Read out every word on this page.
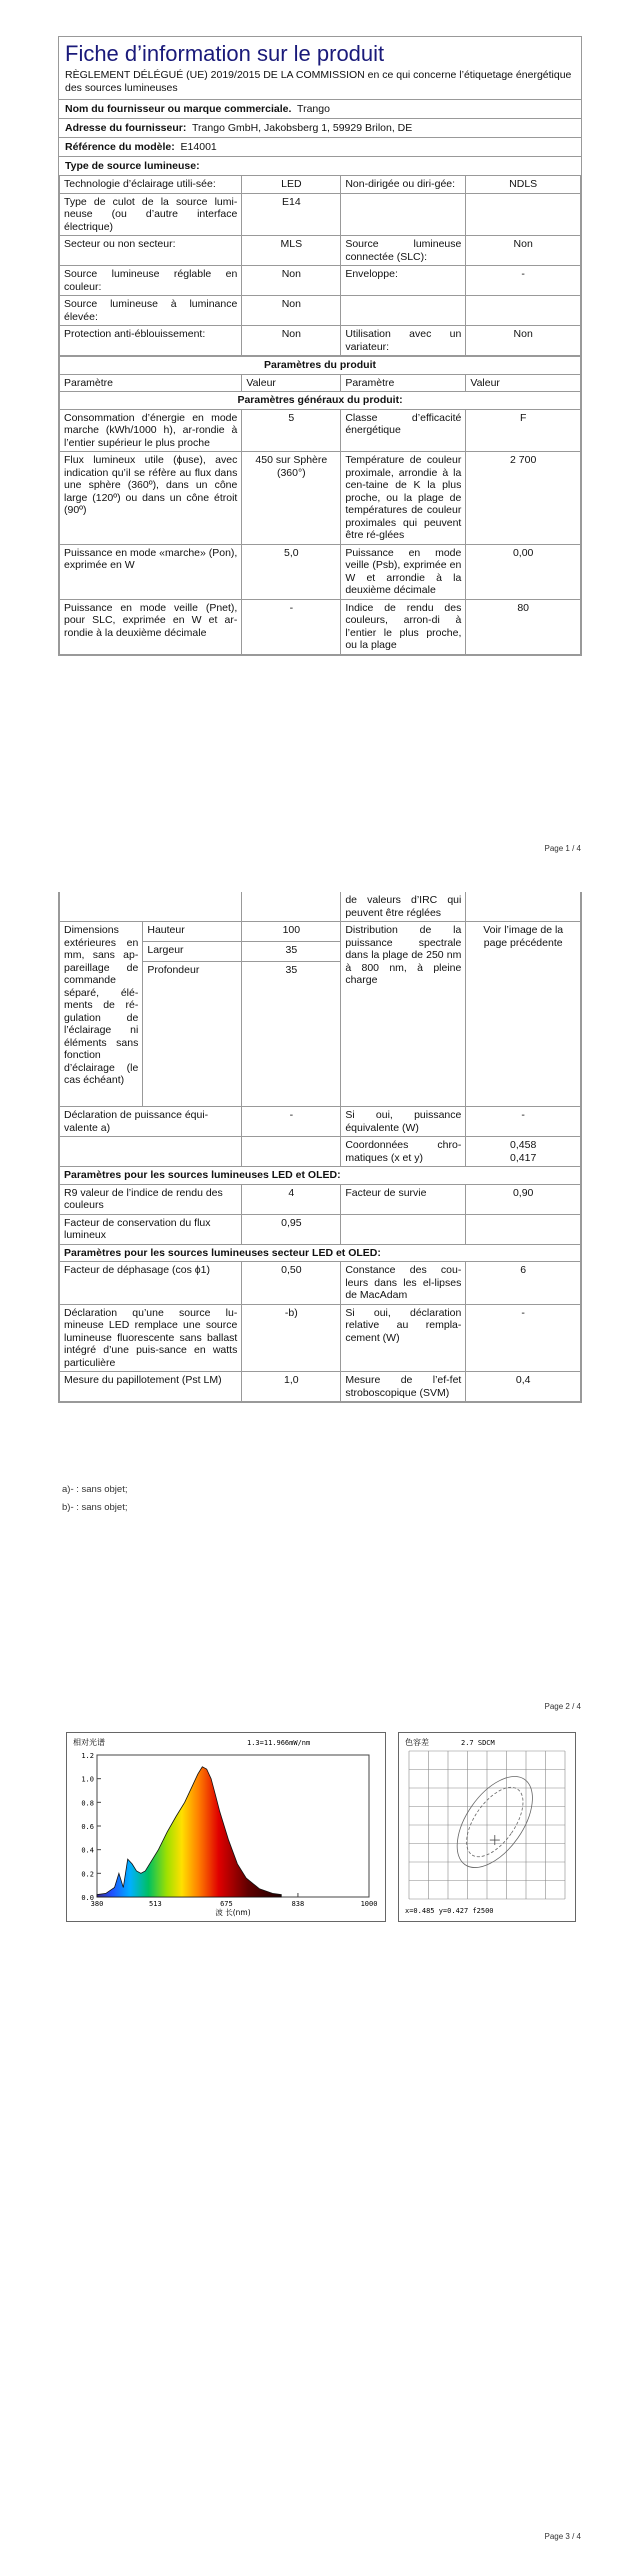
Fiche d’information sur le produit
RÈGLEMENT DÉLÉGUÉ (UE) 2019/2015 DE LA COMMISSION en ce qui concerne l’étiquetage énergétique des sources lumineuses
Nom du fournisseur ou marque commerciale. Trango
Adresse du fournisseur: Trango GmbH, Jakobsberg 1, 59929 Brilon, DE
Référence du modèle: E14001
Type de source lumineuse:
Technologie d’éclairage utili-sée:	LED	Non-dirigée ou diri-gée:	NDLS
Type de culot de la source lumi-neuse (ou d’autre interface électrique)	E14		
Secteur ou non secteur:	MLS	Source lumineuse connectée (SLC):	Non
Source lumineuse réglable en couleur:	Non	Enveloppe:	-
Source lumineuse à luminance élevée:	Non		
Protection anti-éblouissement:	Non	Utilisation avec un variateur:	Non
Paramètres du produit			
Paramètre	Valeur	Paramètre	Valeur
Paramètres généraux du produit:			
Consommation d’énergie en mode marche (kWh/1000 h), ar-rondie à l’entier supérieur le plus proche	5	Classe d’efficacité énergétique	F
Flux lumineux utile (ɸuse), avec indication qu’il se réfère au flux dans une sphère (360º), dans un cône large (120º) ou dans un cône étroit (90º)	450 sur Sphère (360°)	Température de couleur proximale, arrondie à la cen-taine de K la plus proche, ou la plage de températures de couleur proximales qui peuvent être ré-glées	2 700
Puissance en mode «marche» (Pon), exprimée en W	5,0	Puissance en mode veille (Psb), exprimée en W et arrondie à la deuxième décimale	0,00
Puissance en mode veille (Pnet), pour SLC, exprimée en W et ar-rondie à la deuxième décimale	-	Indice de rendu des couleurs, arron-di à l’entier le plus proche, ou la plage	80
Page 1 / 4
			de valeurs d’IRC qui peuvent être réglées	
Dimensions extérieures en mm, sans ap-pareillage de commande séparé, élé-ments de ré-gulation de l’éclairage ni éléments sans fonction d’éclairage (le cas échéant)	Hauteur	100	Distribution de la puissance spectrale dans la plage de 250 nm à 800 nm, à pleine charge	Voir l’image de la page précédente
	Largeur	35		
	Profondeur	35		
Déclaration de puissance équi-valente a)		-	Si oui, puissance équivalente (W)	-
			Coordonnées chro-matiques (x et y)	0,458
0,417
Paramètres pour les sources lumineuses LED et OLED:				
R9 valeur de l’indice de rendu des couleurs		4	Facteur de survie	0,90
Facteur de conservation du flux lumineux		0,95		
Paramètres pour les sources lumineuses secteur LED et OLED:				
Facteur de déphasage (cos ϕ1)		0,50	Constance des cou-leurs dans les el-lipses de MacAdam	6
Déclaration qu’une source lu-mineuse LED remplace une source lumineuse fluorescente sans ballast intégré d’une puis-sance en watts particulière		-b)	Si oui, déclaration relative au rempla-cement (W)	-
Mesure du papillotement (Pst LM)		1,0	Mesure de l’ef-fet stroboscopique (SVM)	0,4
a)- : sans objet;
b)- : sans objet;
Page 2 / 4
0.0
0.2
0.4
0.6
0.8
1.0
1.2
380	513	675	838	1000
相对光谱	1.3=11.966mW/nm
波 长(nm)
色容差	2.7 SDCM
x=0.485 y=0.427 f2500
Page 3 / 4
